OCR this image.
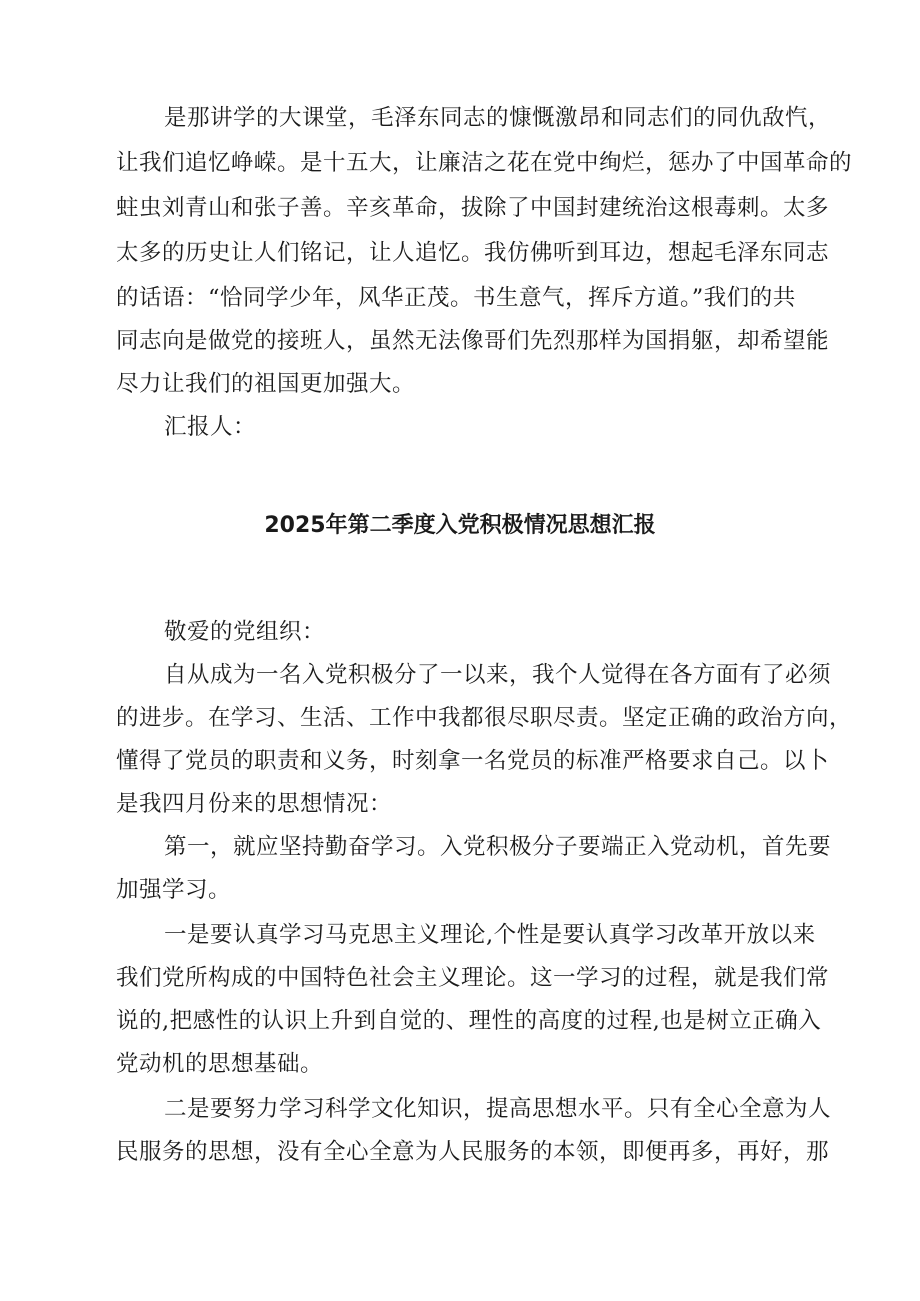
是那讲学的大课堂，毛泽东同志的慷慨激昂和同志们的同仇敌忾，
让我们追忆峥嵘。是十五大，让廉洁之花在党中绚烂，惩办了中国革命的
蛀虫刘青山和张子善。辛亥革命，拔除了中国封建统治这根毒刺。太多
太多的历史让人们铭记，让人追忆。我仿佛听到耳边，想起毛泽东同志
的话语：“恰同学少年，风华正茂。书生意气，挥斥方道。”我们的共
同志向是做党的接班人，虽然无法像哥们先烈那样为国捐躯，却希望能
尽力让我们的祖国更加强大。
汇报人：
2025年第二季度入党积极情况思想汇报
敬爱的党组织：
自从成为一名入党积极分了一以来，我个人觉得在各方面有了必须
的进步。在学习、生活、工作中我都很尽职尽责。坚定正确的政治方向，
懂得了党员的职责和义务，时刻拿一名党员的标准严格要求自己。以卜
是我四月份来的思想情况：
第一，就应坚持勤奋学习。入党积极分子要端正入党动机，首先要
加强学习。
一是要认真学习马克思主义理论,个性是要认真学习改革开放以来
我们党所构成的中国特色社会主义理论。这一学习的过程，就是我们常
说的,把感性的认识上升到自觉的、理性的高度的过程,也是树立正确入
党动机的思想基础。
二是要努力学习科学文化知识，提高思想水平。只有全心全意为人
民服务的思想，没有全心全意为人民服务的本领，即便再多，再好，那
